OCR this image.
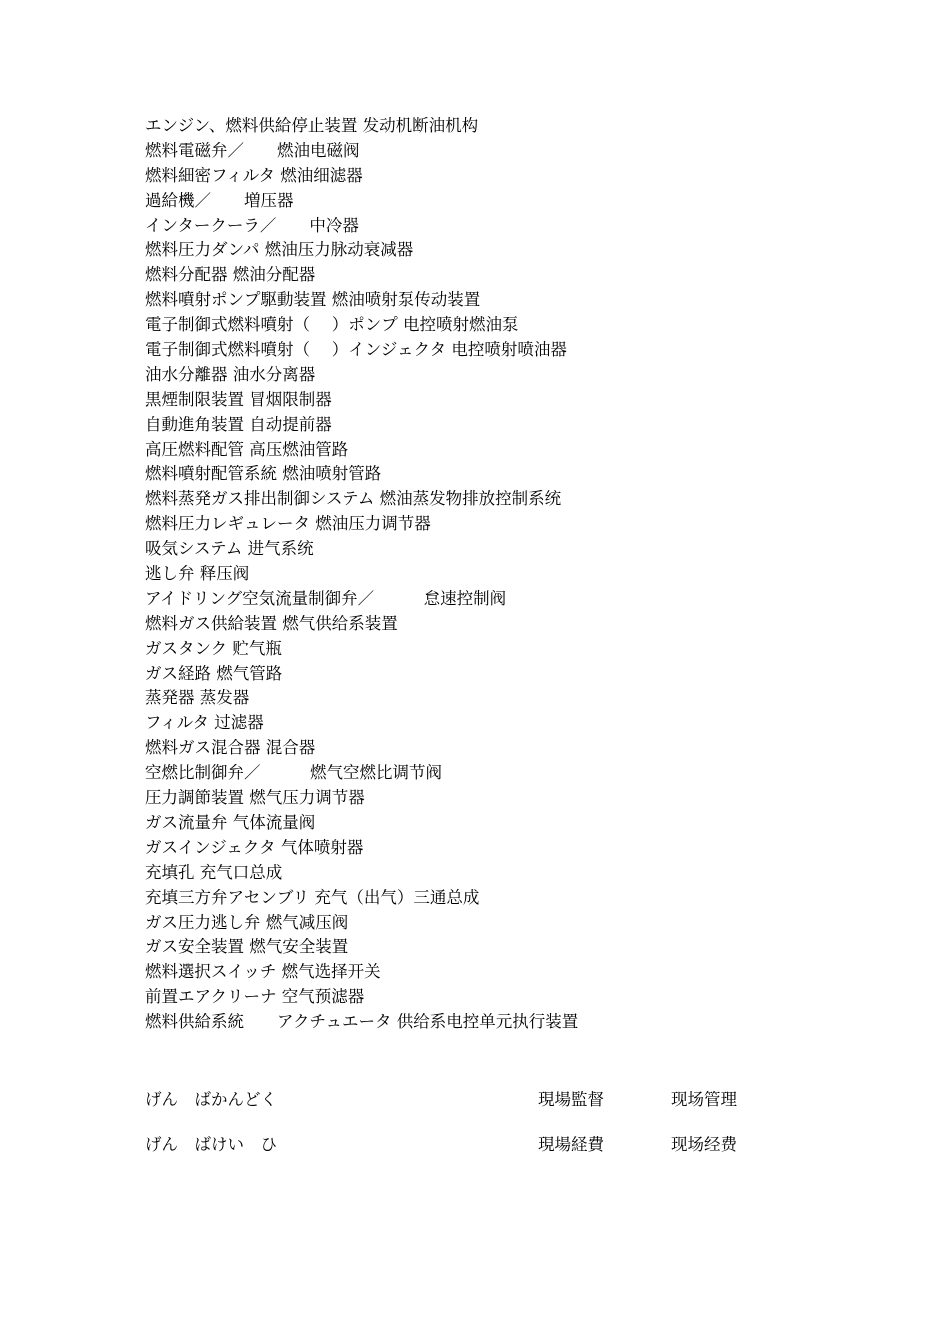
エンジン、燃料供給停止装置 发动机断油机构
燃料電磁弁／　　燃油电磁阀
燃料細密フィルタ 燃油细滤器
過給機／　　増压器
インタークーラ／　　中冷器
燃料圧力ダンパ 燃油压力脉动衰减器
燃料分配器 燃油分配器
燃料噴射ポンプ駆動装置 燃油喷射泵传动装置
電子制御式燃料噴射（　 ）ポンプ 电控喷射燃油泵
電子制御式燃料噴射（　 ）インジェクタ 电控喷射喷油器
油水分離器 油水分离器
黒煙制限装置 冒烟限制器
自動進角装置 自动提前器
高圧燃料配管 高压燃油管路
燃料噴射配管系統 燃油喷射管路
燃料蒸発ガス排出制御システム 燃油蒸发物排放控制系统
燃料圧力レギュレータ 燃油压力调节器
吸気システム 进气系统
逃し弁 释压阀
アイドリング空気流量制御弁／　　　怠速控制阀
燃料ガス供給装置 燃气供给系装置
ガスタンク 贮气瓶
ガス経路 燃气管路
蒸発器 蒸发器
フィルタ 过滤器
燃料ガス混合器 混合器
空燃比制御弁／　　　燃气空燃比调节阀
圧力調節装置 燃气压力调节器
ガス流量弁 气体流量阀
ガスインジェクタ 气体喷射器
充填孔 充气口总成
充填三方弁アセンブリ 充气（出气）三通总成
ガス圧力逃し弁 燃气减压阀
ガス安全装置 燃气安全装置
燃料選択スイッチ 燃气选择开关
前置エアクリーナ 空气预滤器
燃料供給系統　　アクチュエータ 供给系电控单元执行装置
げん　ばかんどく	現場監督	现场管理
げん　ばけい　ひ	現場経費	现场经费
